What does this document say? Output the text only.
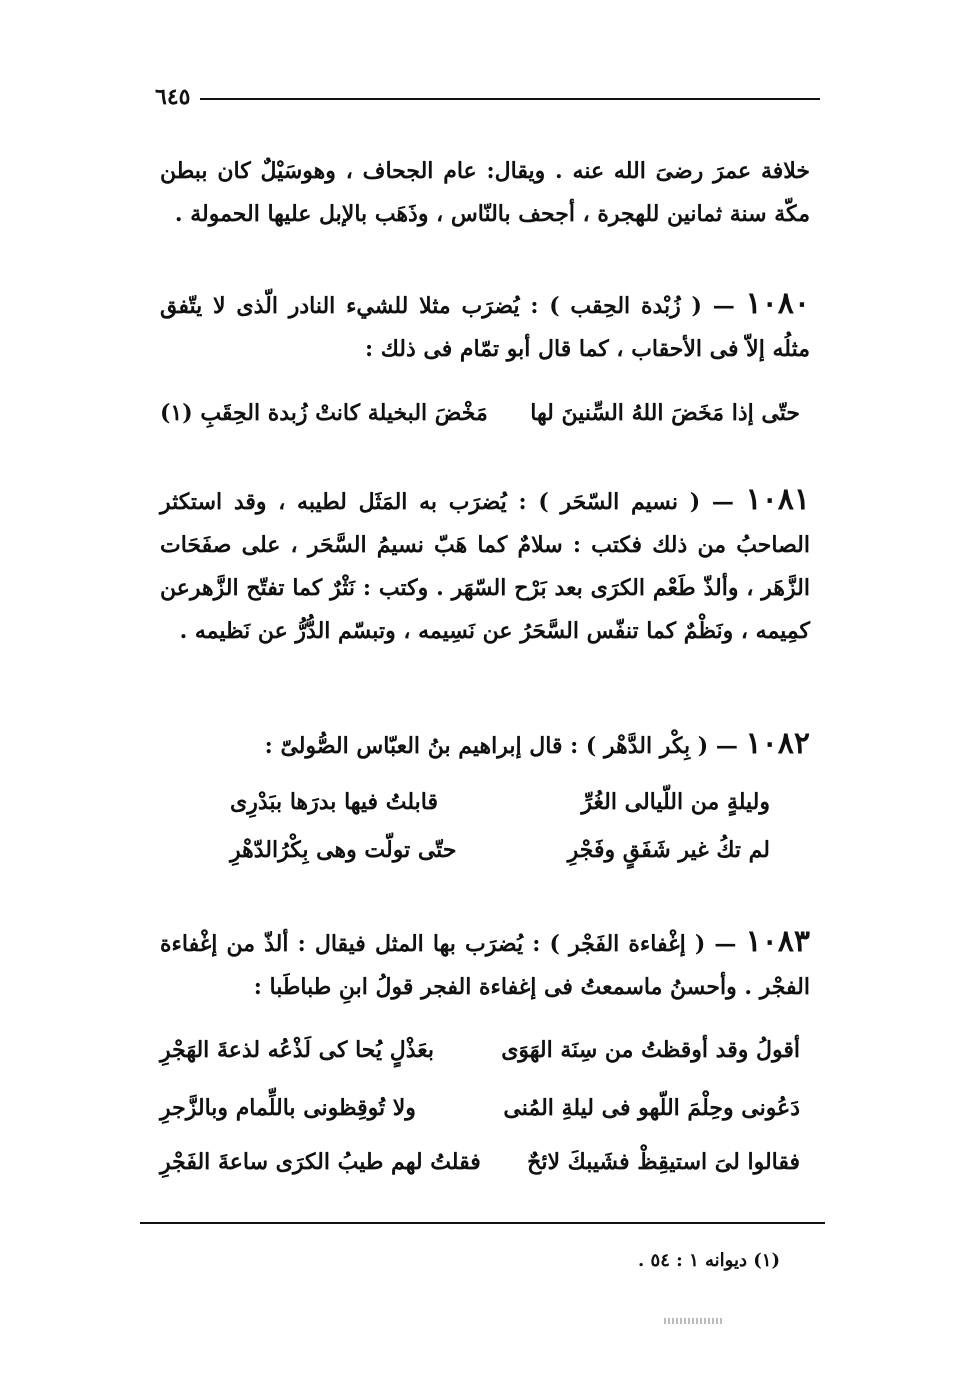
٦٤٥
خلافة عمرَ رضىَ الله عنه . ويقال: عام الجحاف ، وهوسَيْلٌ كان ببطن مكّة سنة ثمانين للهجرة ، أجحف بالنّاس ، وذَهَب بالإبل عليها الحمولة .
١٠٨٠ — ( زُبْدة الحِقب ) : يُضرَب مثلا للشيء النادر الّذى لا يتّفق مثلُه إلاّ فى الأحقاب ، كما قال أبو تمّام فى ذلك :
حتّى إذا مَخَضَ اللهُ السِّنينَ لها
مَخْضَ البخيلة كانتْ زُبدة الحِقَبِ (١)
١٠٨١ — ( نسيم السّحَر ) : يُضرَب به المَثَل لطيبه ، وقد استكثر الصاحبُ من ذلك فكتب : سلامٌ كما هَبّ نسيمُ السَّحَر ، على صفَحَات الزَّهَر ، وألذّ طَعْم الكرَى بعد بَرْح السّهَر . وكتب : نَثْرٌ كما تفتّح الزَّهرعن كمِيمه ، ونَظْمٌ كما تنفّس السَّحَرُ عن نَسِيمه ، وتبسّم الدُّرُّ عن نَظيمه .
١٠٨٢ — ( بِكْر الدَّهْر ) : قال إبراهيم بنُ العبّاس الصُّولىّ :
وليلةٍ من اللّيالى الغُرِّ
قابلتُ فيها بدرَها ببَدْرِى
لم تكُ غير شَفَقٍ وفَجْرِ
حتّى تولّت وهى بِكْرُالدّهْرِ
١٠٨٣ — ( إغْفاءة الفَجْر ) : يُضرَب بها المثل فيقال : ألذّ من إغْفاءة الفجْر . وأحسنُ ماسمعتُ فى إغفاءة الفجر قولُ ابنِ طباطَبا :
أقولُ وقد أوقظتُ من سِنَة الهَوَى
بعَذْلٍ يُحا كى لَذْعُه لذعةَ الهَجْرِ
دَعُونى وحِلْمَ اللّهو فى ليلةِ المُنى
ولا تُوقِظونى باللِّمام وبالزَّجرِ
فقالوا لىَ استيقِظْ فشَيبكَ لائحٌ
فقلتُ لهم طيبُ الكرَى ساعةَ الفَجْرِ
(١) ديوانه ١ : ٥٤ .
